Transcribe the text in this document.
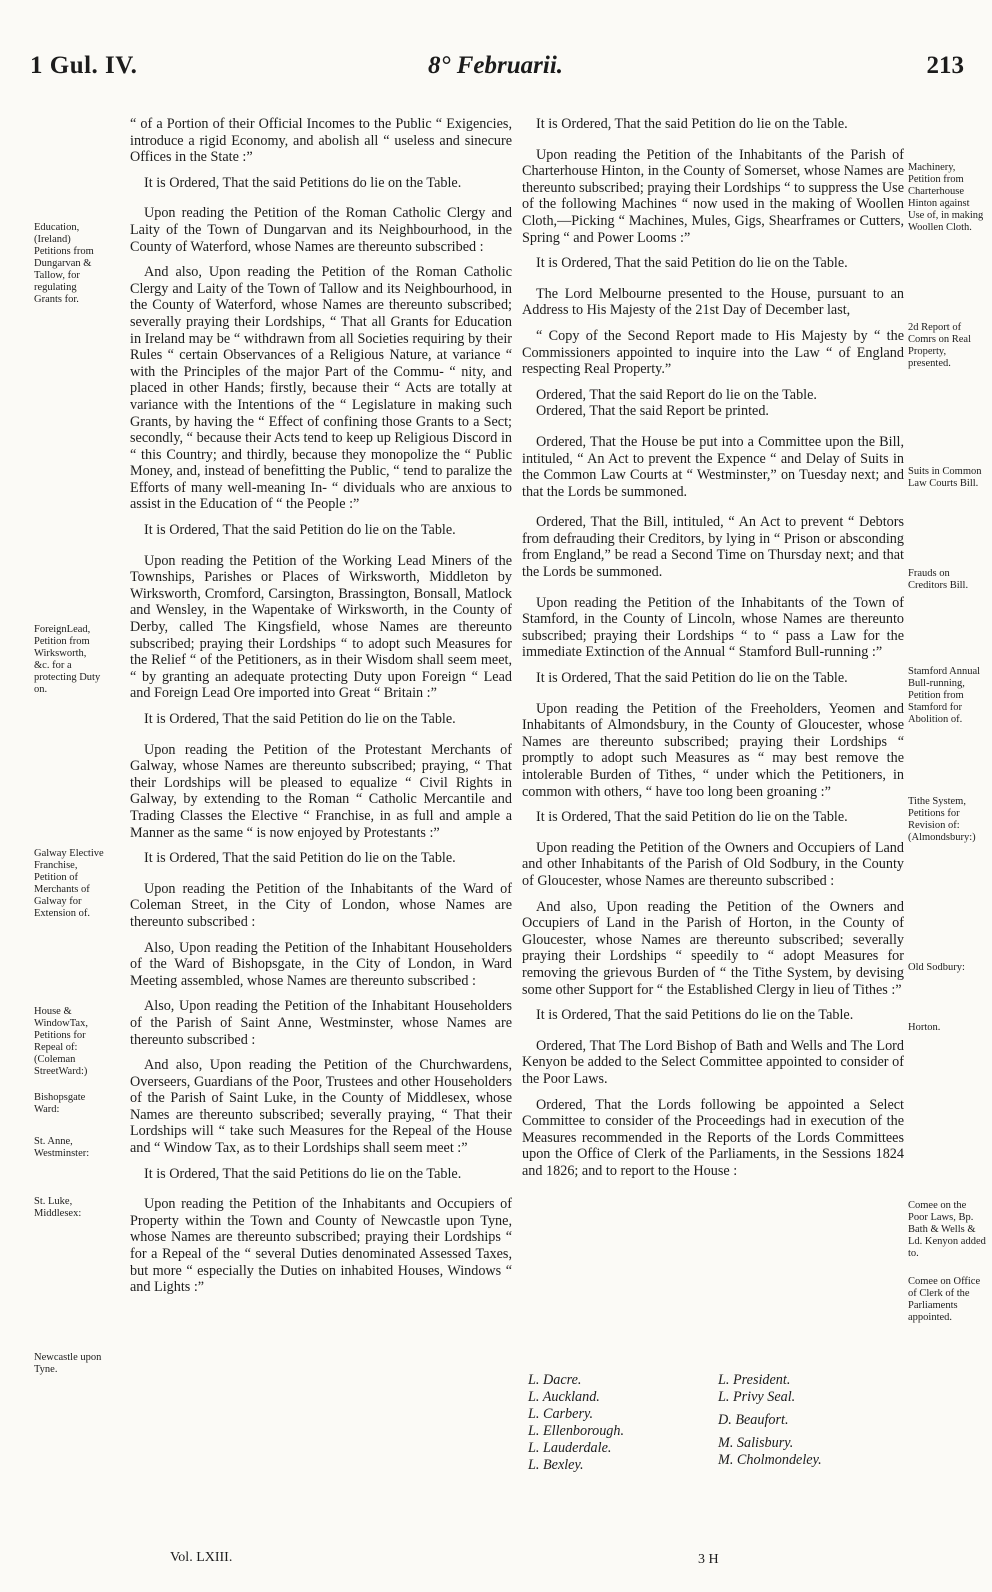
1 Gul. IV.	8° Februarii.	213
Education, (Ireland) Petitions from Dungarvan & Tallow, for regulating Grants for.
ForeignLead, Petition from Wirksworth, &c. for a protecting Duty on.
Galway Elective Franchise, Petition of Merchants of Galway for Extension of.
House & WindowTax, Petitions for Repeal of: (Coleman StreetWard:)
Bishopsgate Ward:
St. Anne, Westminster:
St. Luke, Middlesex:
Newcastle upon Tyne.
Machinery, Petition from Charterhouse Hinton against Use of, in making Woollen Cloth.
2d Report of Comrs on Real Property, presented.
Suits in Common Law Courts Bill.
Frauds on Creditors Bill.
Stamford Annual Bull-running, Petition from Stamford for Abolition of.
Tithe System, Petitions for Revision of: (Almondsbury:)
Old Sodbury:
Horton.
Comee on the Poor Laws, Bp. Bath & Wells & Ld. Kenyon added to.
Comee on Office of Clerk of the Parliaments appointed.

“ of a Portion of their Official Incomes to the Public “ Exigencies, introduce a rigid Economy, and abolish all “ useless and sinecure Offices in the State :”

It is Ordered, That the said Petitions do lie on the Table.

Upon reading the Petition of the Roman Catholic Clergy and Laity of the Town of Dungarvan and its Neighbourhood, in the County of Waterford, whose Names are thereunto subscribed :

And also, Upon reading the Petition of the Roman Catholic Clergy and Laity of the Town of Tallow and its Neighbourhood, in the County of Waterford, whose Names are thereunto subscribed; severally praying their Lordships, “ That all Grants for Education in Ireland may be “ withdrawn from all Societies requiring by their Rules “ certain Observances of a Religious Nature, at variance “ with the Principles of the major Part of the Commu- “ nity, and placed in other Hands; firstly, because their “ Acts are totally at variance with the Intentions of the “ Legislature in making such Grants, by having the “ Effect of confining those Grants to a Sect; secondly, “ because their Acts tend to keep up Religious Discord in “ this Country; and thirdly, because they monopolize the “ Public Money, and, instead of benefitting the Public, “ tend to paralize the Efforts of many well-meaning In- “ dividuals who are anxious to assist in the Education of “ the People :”

It is Ordered, That the said Petition do lie on the Table.

Upon reading the Petition of the Working Lead Miners of the Townships, Parishes or Places of Wirksworth, Middleton by Wirksworth, Cromford, Carsington, Brassington, Bonsall, Matlock and Wensley, in the Wapentake of Wirksworth, in the County of Derby, called The Kingsfield, whose Names are thereunto subscribed; praying their Lordships “ to adopt such Measures for the Relief “ of the Petitioners, as in their Wisdom shall seem meet, “ by granting an adequate protecting Duty upon Foreign “ Lead and Foreign Lead Ore imported into Great “ Britain :”

It is Ordered, That the said Petition do lie on the Table.

Upon reading the Petition of the Protestant Merchants of Galway, whose Names are thereunto subscribed; praying, “ That their Lordships will be pleased to equalize “ Civil Rights in Galway, by extending to the Roman “ Catholic Mercantile and Trading Classes the Elective “ Franchise, in as full and ample a Manner as the same “ is now enjoyed by Protestants :”

It is Ordered, That the said Petition do lie on the Table.

Upon reading the Petition of the Inhabitants of the Ward of Coleman Street, in the City of London, whose Names are thereunto subscribed :

Also, Upon reading the Petition of the Inhabitant Householders of the Ward of Bishopsgate, in the City of London, in Ward Meeting assembled, whose Names are thereunto subscribed :

Also, Upon reading the Petition of the Inhabitant Householders of the Parish of Saint Anne, Westminster, whose Names are thereunto subscribed :

And also, Upon reading the Petition of the Churchwardens, Overseers, Guardians of the Poor, Trustees and other Householders of the Parish of Saint Luke, in the County of Middlesex, whose Names are thereunto subscribed; severally praying, “ That their Lordships will “ take such Measures for the Repeal of the House and “ Window Tax, as to their Lordships shall seem meet :”

It is Ordered, That the said Petitions do lie on the Table.

Upon reading the Petition of the Inhabitants and Occupiers of Property within the Town and County of Newcastle upon Tyne, whose Names are thereunto subscribed; praying their Lordships “ for a Repeal of the “ several Duties denominated Assessed Taxes, but more “ especially the Duties on inhabited Houses, Windows “ and Lights :”

It is Ordered, That the said Petition do lie on the Table.

Upon reading the Petition of the Inhabitants of the Parish of Charterhouse Hinton, in the County of Somerset, whose Names are thereunto subscribed; praying their Lordships “ to suppress the Use of the following Machines “ now used in the making of Woollen Cloth,—Picking “ Machines, Mules, Gigs, Shearframes or Cutters, Spring “ and Power Looms :”

It is Ordered, That the said Petition do lie on the Table.

The Lord Melbourne presented to the House, pursuant to an Address to His Majesty of the 21st Day of December last,

“ Copy of the Second Report made to His Majesty by “ the Commissioners appointed to inquire into the Law “ of England respecting Real Property.”

Ordered, That the said Report do lie on the Table.

Ordered, That the said Report be printed.

Ordered, That the House be put into a Committee upon the Bill, intituled, “ An Act to prevent the Expence “ and Delay of Suits in the Common Law Courts at “ Westminster,” on Tuesday next; and that the Lords be summoned.

Ordered, That the Bill, intituled, “ An Act to prevent “ Debtors from defrauding their Creditors, by lying in “ Prison or absconding from England,” be read a Second Time on Thursday next; and that the Lords be summoned.

Upon reading the Petition of the Inhabitants of the Town of Stamford, in the County of Lincoln, whose Names are thereunto subscribed; praying their Lordships “ to “ pass a Law for the immediate Extinction of the Annual “ Stamford Bull-running :”

It is Ordered, That the said Petition do lie on the Table.

Upon reading the Petition of the Freeholders, Yeomen and Inhabitants of Almondsbury, in the County of Gloucester, whose Names are thereunto subscribed; praying their Lordships “ promptly to adopt such Measures as “ may best remove the intolerable Burden of Tithes, “ under which the Petitioners, in common with others, “ have too long been groaning :”

It is Ordered, That the said Petition do lie on the Table.

Upon reading the Petition of the Owners and Occupiers of Land and other Inhabitants of the Parish of Old Sodbury, in the County of Gloucester, whose Names are thereunto subscribed :

And also, Upon reading the Petition of the Owners and Occupiers of Land in the Parish of Horton, in the County of Gloucester, whose Names are thereunto subscribed; severally praying their Lordships “ speedily to “ adopt Measures for removing the grievous Burden of “ the Tithe System, by devising some other Support for “ the Established Clergy in lieu of Tithes :”

It is Ordered, That the said Petitions do lie on the Table.

Ordered, That The Lord Bishop of Bath and Wells and The Lord Kenyon be added to the Select Committee appointed to consider of the Poor Laws.

Ordered, That the Lords following be appointed a Select Committee to consider of the Proceedings had in execution of the Measures recommended in the Reports of the Lords Committees upon the Office of Clerk of the Parliaments, in the Sessions 1824 and 1826; and to report to the House :

L. Dacre.
L. Auckland.
L. Carbery.
L. Ellenborough.
L. Lauderdale.
L. Bexley.
L. President.
L. Privy Seal.
D. Beaufort.
M. Salisbury.
M. Cholmondeley.
Vol. LXIII.	3 H
